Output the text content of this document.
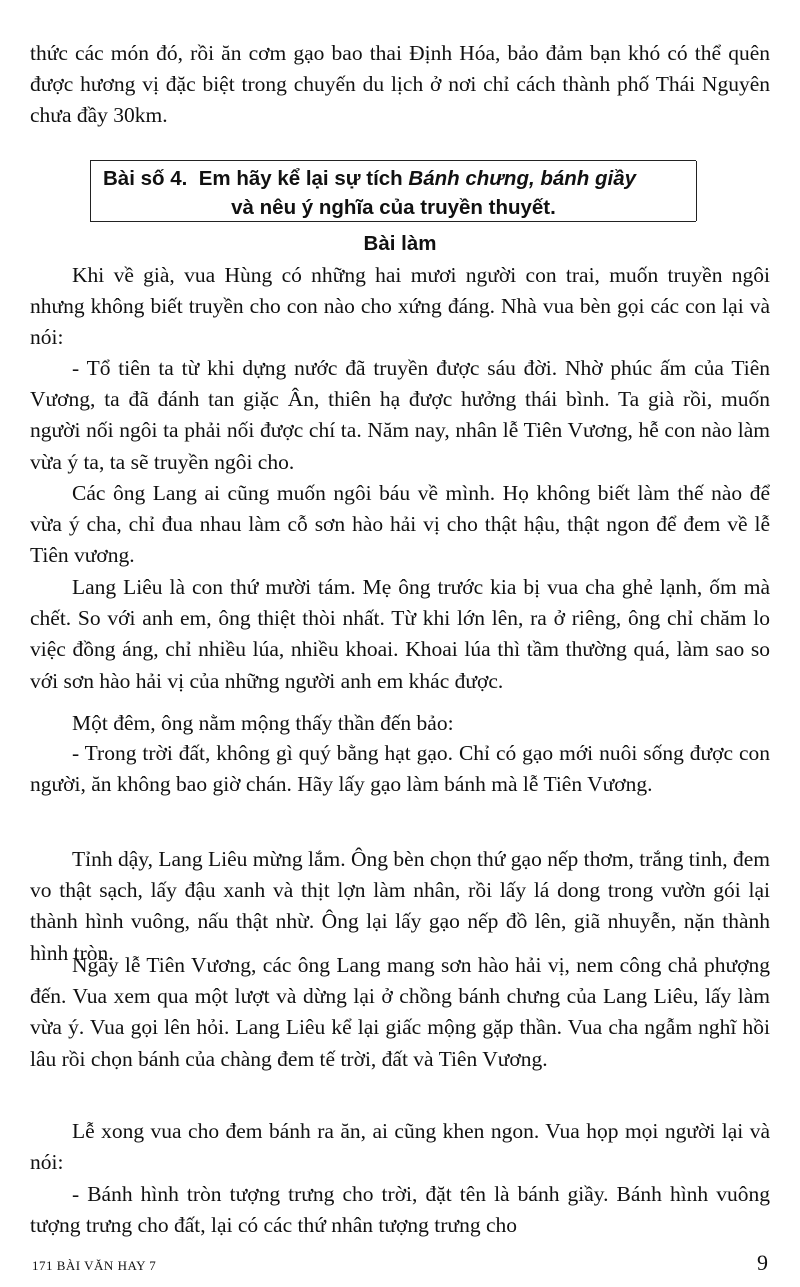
thức các món đó, rồi ăn cơm gạo bao thai Định Hóa, bảo đảm bạn khó có thể quên được hương vị đặc biệt trong chuyến du lịch ở nơi chỉ cách thành phố Thái Nguyên chưa đầy 30km.

Bài số 4. Em hãy kể lại sự tích Bánh chưng, bánh giầy
và nêu ý nghĩa của truyền thuyết.
Bài làm

Khi về già, vua Hùng có những hai mươi người con trai, muốn truyền ngôi nhưng không biết truyền cho con nào cho xứng đáng. Nhà vua bèn gọi các con lại và nói:

- Tổ tiên ta từ khi dựng nước đã truyền được sáu đời. Nhờ phúc ấm của Tiên Vương, ta đã đánh tan giặc Ân, thiên hạ được hưởng thái bình. Ta già rồi, muốn người nối ngôi ta phải nối được chí ta. Năm nay, nhân lễ Tiên Vương, hễ con nào làm vừa ý ta, ta sẽ truyền ngôi cho.

Các ông Lang ai cũng muốn ngôi báu về mình. Họ không biết làm thế nào để vừa ý cha, chỉ đua nhau làm cỗ sơn hào hải vị cho thật hậu, thật ngon để đem về lễ Tiên vương.

Lang Liêu là con thứ mười tám. Mẹ ông trước kia bị vua cha ghẻ lạnh, ốm mà chết. So với anh em, ông thiệt thòi nhất. Từ khi lớn lên, ra ở riêng, ông chỉ chăm lo việc đồng áng, chỉ nhiều lúa, nhiều khoai. Khoai lúa thì tầm thường quá, làm sao so với sơn hào hải vị của những người anh em khác được.

Một đêm, ông nằm mộng thấy thần đến bảo:

- Trong trời đất, không gì quý bằng hạt gạo. Chỉ có gạo mới nuôi sống được con người, ăn không bao giờ chán. Hãy lấy gạo làm bánh mà lễ Tiên Vương.

Tỉnh dậy, Lang Liêu mừng lắm. Ông bèn chọn thứ gạo nếp thơm, trắng tinh, đem vo thật sạch, lấy đậu xanh và thịt lợn làm nhân, rồi lấy lá dong trong vườn gói lại thành hình vuông, nấu thật nhừ. Ông lại lấy gạo nếp đồ lên, giã nhuyễn, nặn thành hình tròn.

Ngày lễ Tiên Vương, các ông Lang mang sơn hào hải vị, nem công chả phượng đến. Vua xem qua một lượt và dừng lại ở chồng bánh chưng của Lang Liêu, lấy làm vừa ý. Vua gọi lên hỏi. Lang Liêu kể lại giấc mộng gặp thần. Vua cha ngẫm nghĩ hồi lâu rồi chọn bánh của chàng đem tế trời, đất và Tiên Vương.

Lễ xong vua cho đem bánh ra ăn, ai cũng khen ngon. Vua họp mọi người lại và nói:

- Bánh hình tròn tượng trưng cho trời, đặt tên là bánh giầy. Bánh hình vuông tượng trưng cho đất, lại có các thứ nhân tượng trưng cho

171 BÀI VĂN HAY 7	9
